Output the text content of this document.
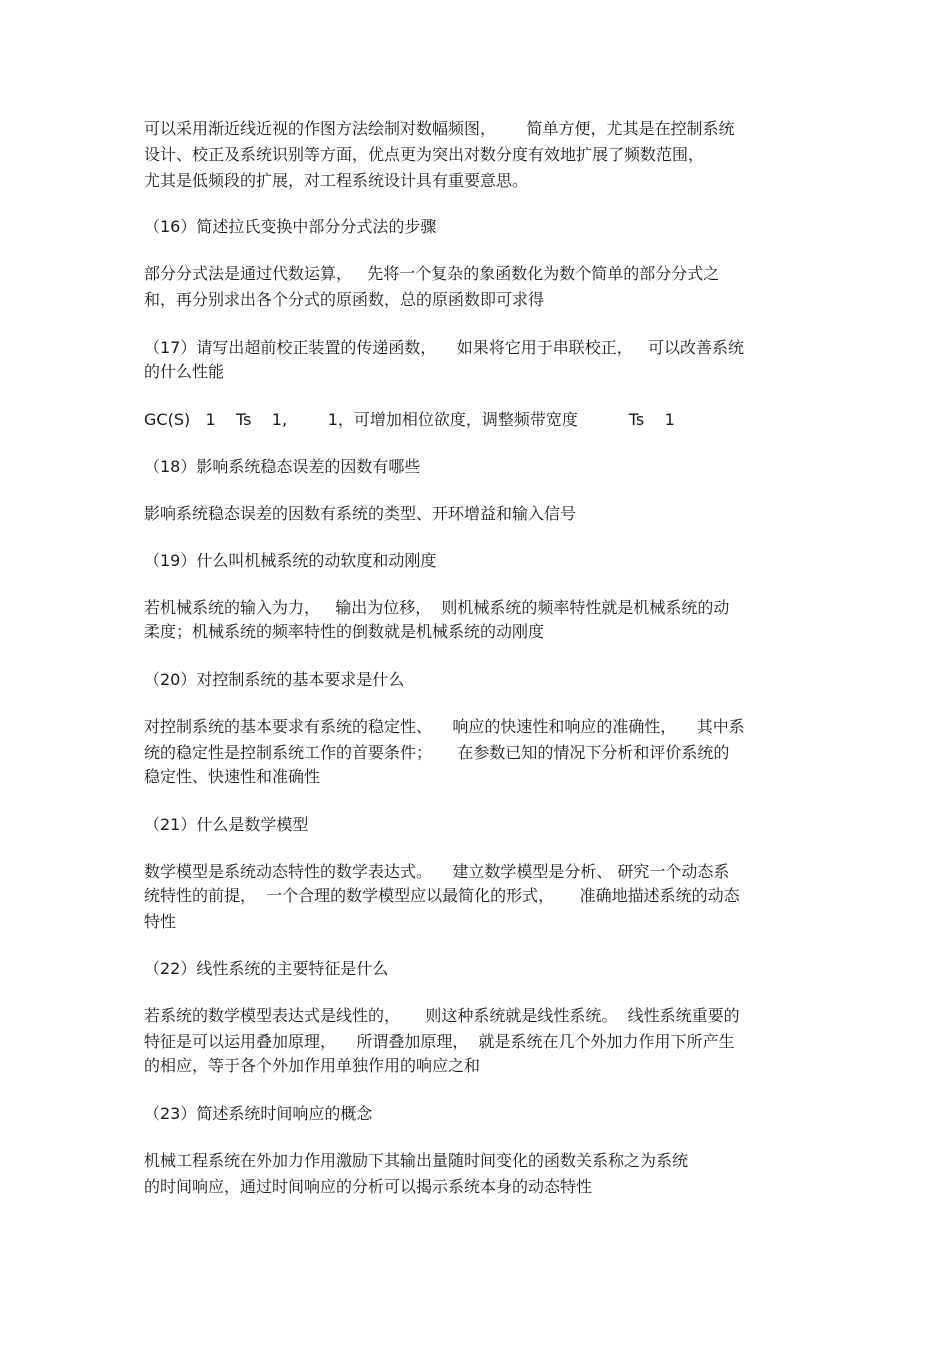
可以采用渐近线近视的作图方法绘制对数幅频图，      简单方便，尤其是在控制系统
设计、校正及系统识别等方面，优点更为突出对数分度有效地扩展了频数范围，
尤其是低频段的扩展，对工程系统设计具有重要意思。
（16）简述拉氏变换中部分分式法的步骤
部分分式法是通过代数运算，   先将一个复杂的象函数化为数个简单的部分分式之
和，再分别求出各个分式的原函数，总的原函数即可求得
（17）请写出超前校正装置的传递函数，    如果将它用于串联校正，   可以改善系统
的什么性能
GC(S)   1    Ts    1,        1，可增加相位欲度，调整频带宽度          Ts    1
（18）影响系统稳态误差的因数有哪些
影响系统稳态误差的因数有系统的类型、开环增益和输入信号
（19）什么叫机械系统的动软度和动刚度
若机械系统的输入为力，   输出为位移，  则机械系统的频率特性就是机械系统的动
柔度；机械系统的频率特性的倒数就是机械系统的动刚度
（20）对控制系统的基本要求是什么
对控制系统的基本要求有系统的稳定性、    响应的快速性和响应的准确性，    其中系
统的稳定性是控制系统工作的首要条件；     在参数已知的情况下分析和评价系统的
稳定性、快速性和准确性
（21）什么是数学模型
数学模型是系统动态特性的数学表达式。    建立数学模型是分析、 研究一个动态系
统特性的前提，  一个合理的数学模型应以最简化的形式，     准确地描述系统的动态
特性
（22）线性系统的主要特征是什么
若系统的数学模型表达式是线性的，     则这种系统就是线性系统。  线性系统重要的
特征是可以运用叠加原理，    所谓叠加原理，  就是系统在几个外加力作用下所产生
的相应，等于各个外加作用单独作用的响应之和
（23）简述系统时间响应的概念
机械工程系统在外加力作用激励下其输出量随时间变化的函数关系称之为系统
的时间响应，通过时间响应的分析可以揭示系统本身的动态特性
